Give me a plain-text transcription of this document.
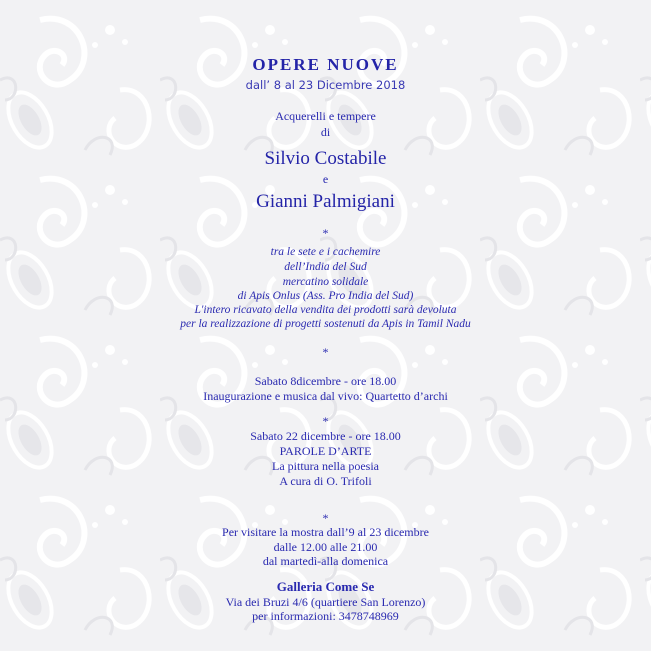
OPERE NUOVE
dall’ 8 al 23 Dicembre 2018
Acquerelli e tempere
di
Silvio Costabile
e
Gianni Palmigiani
*
tra le sete e i cachemire
dell’India del Sud
mercatino solidale
di Apis Onlus (Ass. Pro India del Sud)
L'intero ricavato della vendita dei prodotti sarà devoluta
per la realizzazione di progetti sostenuti da Apis in Tamil Nadu
*
Sabato 8dicembre - ore 18.00
Inaugurazione e musica dal vivo: Quartetto d’archi
*
Sabato 22 dicembre - ore 18.00
PAROLE D’ARTE
La pittura nella poesia
A cura di O. Trifoli
*
Per visitare la mostra dall’9 al 23 dicembre
dalle 12.00 alle 21.00
dal martedì-alla domenica
Galleria Come Se
Via dei Bruzi 4/6 (quartiere San Lorenzo)
per informazioni: 3478748969
